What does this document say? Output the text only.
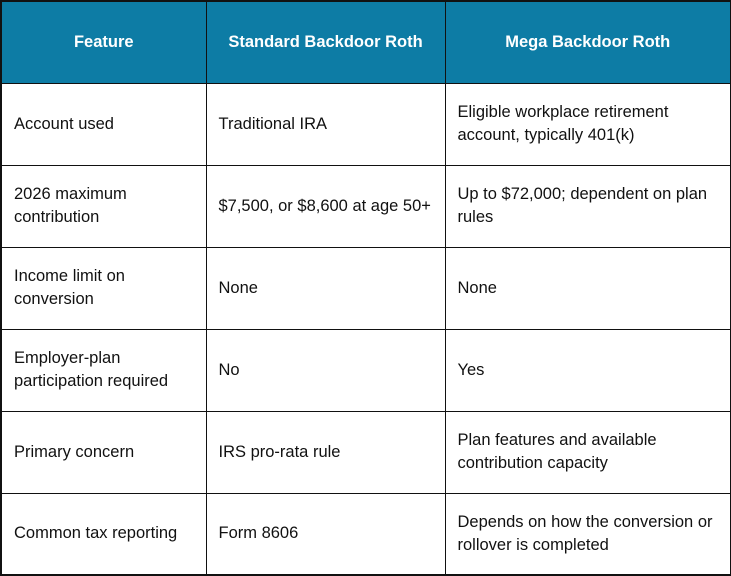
Feature	Standard Backdoor Roth	Mega Backdoor Roth
Account used	Traditional IRA	Eligible workplace retirement account, typically 401(k)
2026 maximum contribution	$7,500, or $8,600 at age 50+	Up to $72,000; dependent on plan rules
Income limit on conversion	None	None
Employer-plan participation required	No	Yes
Primary concern	IRS pro-rata rule	Plan features and available contribution capacity
Common tax reporting	Form 8606	Depends on how the conversion or rollover is completed
